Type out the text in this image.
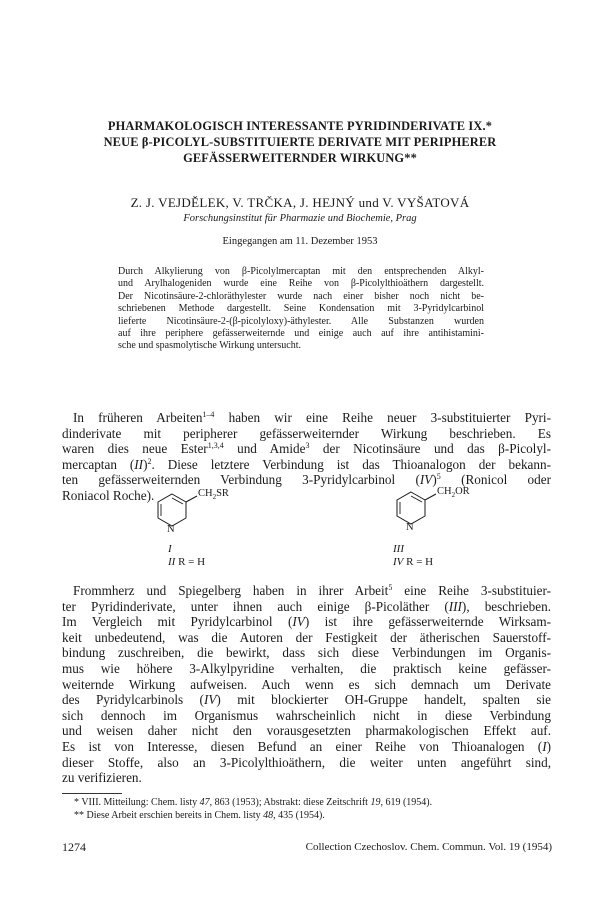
PHARMAKOLOGISCH INTERESSANTE PYRIDINDERIVATE IX.*
NEUE β-PICOLYL-SUBSTITUIERTE DERIVATE MIT PERIPHERER
GEFÄSSERWEITERNDER WIRKUNG**
Z. J. VEJDĚLEK, V. TRČKA, J. HEJNÝ und V. VYŠATOVÁ
Forschungsinstitut für Pharmazie und Biochemie, Prag
Eingegangen am 11. Dezember 1953
Durch Alkylierung von β-Picolylmercaptan mit den entsprechenden Alkyl-
und Arylhalogeniden wurde eine Reihe von β-Picolylthioäthern dargestellt.
Der Nicotinsäure-2-chloräthylester wurde nach einer bisher noch nicht be-
schriebenen Methode dargestellt. Seine Kondensation mit 3-Pyridylcarbinol
lieferte Nicotinsäure-2-(β-picolyloxy)-äthylester. Alle Substanzen wurden
auf ihre periphere gefässerweiternde und einige auch auf ihre antihistamini-
sche und spasmolytische Wirkung untersucht.
In früheren Arbeiten$^{1-4}$ haben wir eine Reihe neuer 3-substituierter Pyri-
dinderivate mit peripherer gefässerweiternder Wirkung beschrieben. Es
waren dies neue Ester$^{1,3,4}$ und Amide$^3$ der Nicotinsäure und das β-Picolyl-
mercaptan (II)$^2$. Diese letztere Verbindung ist das Thioanalogon der bekann-
ten gefässerweiternden Verbindung 3-Pyridylcarbinol (IV)$^5$ (Ronicol oder
Roniacol Roche).	$CH_2SR$
N
I
II R = H
$CH_2OR$
N
III
IV R = H
Frommherz und Spiegelberg haben in ihrer Arbeit$^5$ eine Reihe 3-substituier-
ter Pyridinderivate, unter ihnen auch einige β-Picoläther (III), beschrieben.
Im Vergleich mit Pyridylcarbinol (IV) ist ihre gefässerweiternde Wirksam-
keit unbedeutend, was die Autoren der Festigkeit der ätherischen Sauerstoff-
bindung zuschreiben, die bewirkt, dass sich diese Verbindungen im Organis-
mus wie höhere 3-Alkylpyridine verhalten, die praktisch keine gefässer-
weiternde Wirkung aufweisen. Auch wenn es sich demnach um Derivate
des Pyridylcarbinols (IV) mit blockierter OH-Gruppe handelt, spalten sie
sich dennoch im Organismus wahrscheinlich nicht in diese Verbindung
und weisen daher nicht den vorausgesetzten pharmakologischen Effekt auf.
Es ist von Interesse, diesen Befund an einer Reihe von Thioanalogen (I)
dieser Stoffe, also an 3-Picolylthioäthern, die weiter unten angeführt sind,
zu verifizieren.
* VIII. Mitteilung: Chem. listy 47, 863 (1953); Abstrakt: diese Zeitschrift 19, 619 (1954).
** Diese Arbeit erschien bereits in Chem. listy 48, 435 (1954).
1274	Collection Czechoslov. Chem. Commun. Vol. 19 (1954)
